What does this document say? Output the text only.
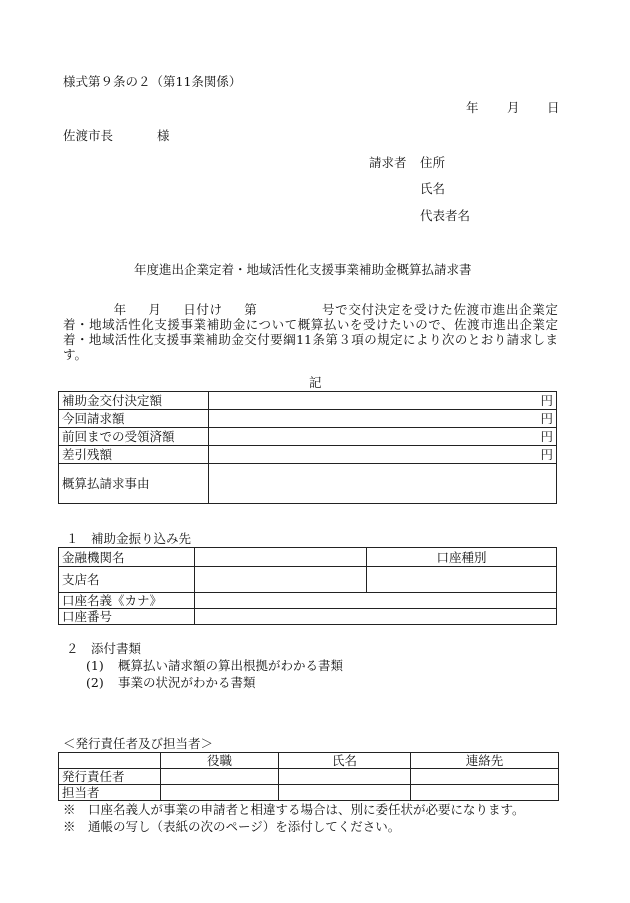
様式第９条の２（第11条関係）
年 月 日
佐渡市長	様
請求者 住所
氏名
代表者名
年度進出企業定着・地域活性化支援事業補助金概算払請求書
年 月 日付け 第	号で交付決定を受けた佐渡市進出企業定着・地域活性化支援事業補助金について概算払いを受けたいので、佐渡市進出企業定着・地域活性化支援事業補助金交付要綱11条第３項の規定により次のとおり請求します。
記
補助金交付決定額	円
今回請求額	円
前回までの受領済額	円
差引残額	円
概算払請求事由	
１　補助金振り込み先
金融機関名		口座種別
支店名		
口座名義《カナ》		
口座番号		
２　添付書類
(1) 概算払い請求額の算出根拠がわかる書類
(2) 事業の状況がわかる書類
＜発行責任者及び担当者＞
	役職	氏名	連絡先
発行責任者			
担当者			
※　口座名義人が事業の申請者と相違する場合は、別に委任状が必要になります。
※　通帳の写し（表紙の次のページ）を添付してください。
